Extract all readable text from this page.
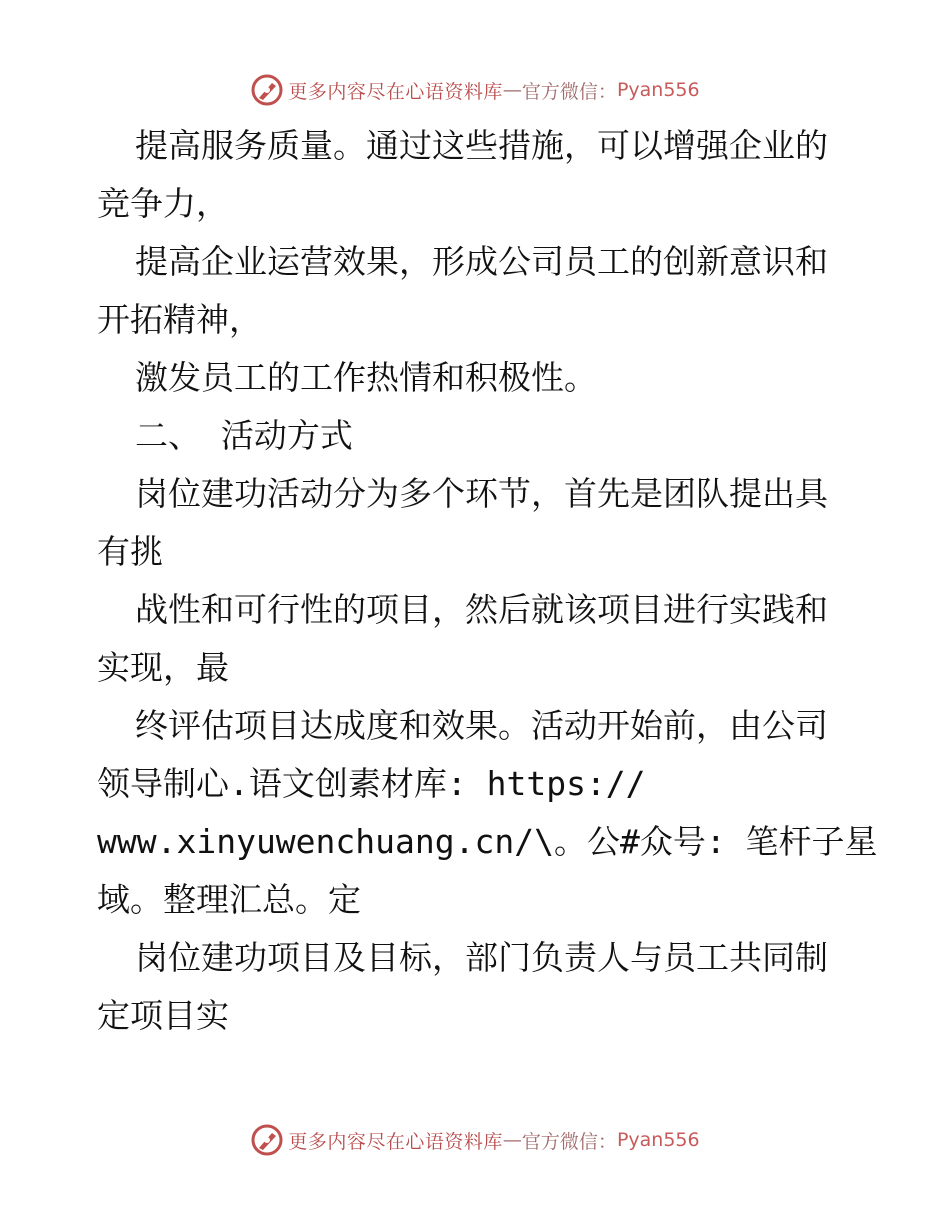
更多内容尽在心语资料库 — 官方微信： Pyan556
提高服务质量。通过这些措施，可以增强企业的
竞争力，
提高企业运营效果，形成公司员工的创新意识和
开拓精神，
激发员工的工作热情和积极性。
二、 活动方式
岗位建功活动分为多个环节，首先是团队提出具
有挑
战性和可行性的项目，然后就该项目进行实践和
实现，最
终评估项目达成度和效果。活动开始前，由公司
领导制心.语文创素材库: https://
www.xinyuwenchuang.cn/\。公#众号: 笔杆子星
域。整理汇总。定
岗位建功项目及目标，部门负责人与员工共同制
定项目实
更多内容尽在心语资料库 — 官方微信： Pyan556
